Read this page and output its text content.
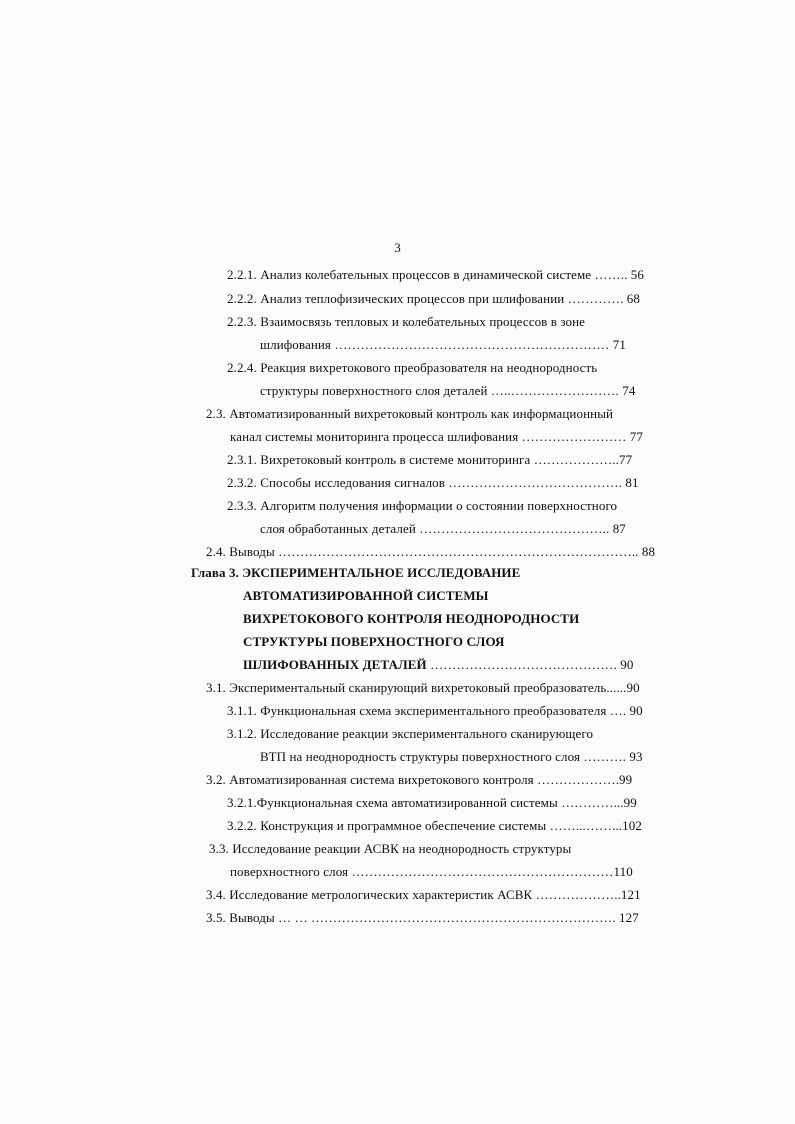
3
2.2.1. Анализ колебательных процессов в динамической системе …….. 56
2.2.2. Анализ теплофизических процессов при шлифовании …………. 68
2.2.3. Взаимосвязь тепловых и колебательных процессов в зоне
шлифования ……………………………………………………… 71
2.2.4. Реакция вихретокового преобразователя на неоднородность
структуры поверхностного слоя деталей …..……………………. 74
2.3. Автоматизированный вихретоковый контроль как информационный
канал системы мониторинга процесса шлифования …………………… 77
2.3.1. Вихретоковый контроль в системе мониторинга ………………..77
2.3.2. Способы исследования сигналов …………………………………. 81
2.3.3. Алгоритм получения информации о состоянии поверхностного
слоя обработанных деталей …………………………………….. 87
2.4. Выводы ……………………………………………………………………….. 88
Глава 3. ЭКСПЕРИМЕНТАЛЬНОЕ ИССЛЕДОВАНИЕ
АВТОМАТИЗИРОВАННОЙ СИСТЕМЫ
ВИХРЕТОКОВОГО КОНТРОЛЯ НЕОДНОРОДНОСТИ
СТРУКТУРЫ ПОВЕРХНОСТНОГО СЛОЯ
ШЛИФОВАННЫХ ДЕТАЛЕЙ ……………………………………. 90
3.1. Экспериментальный сканирующий вихретоковый преобразователь......90
3.1.1. Функциональная схема экспериментального преобразователя …. 90
3.1.2. Исследование реакции экспериментального сканирующего
ВТП на неоднородность структуры поверхностного слоя ………. 93
3.2. Автоматизированная система вихретокового контроля ……………….99
3.2.1.Функциональная схема автоматизированной системы …………...99
3.2.2. Конструкция и программное обеспечение системы ……...……...102
3.3. Исследование реакции АСВК на неоднородность структуры
поверхностного слоя ……………………………………………………110
3.4. Исследование метрологических характеристик АСВК ………………..121
3.5. Выводы … … ……………………………………………………………. 127
